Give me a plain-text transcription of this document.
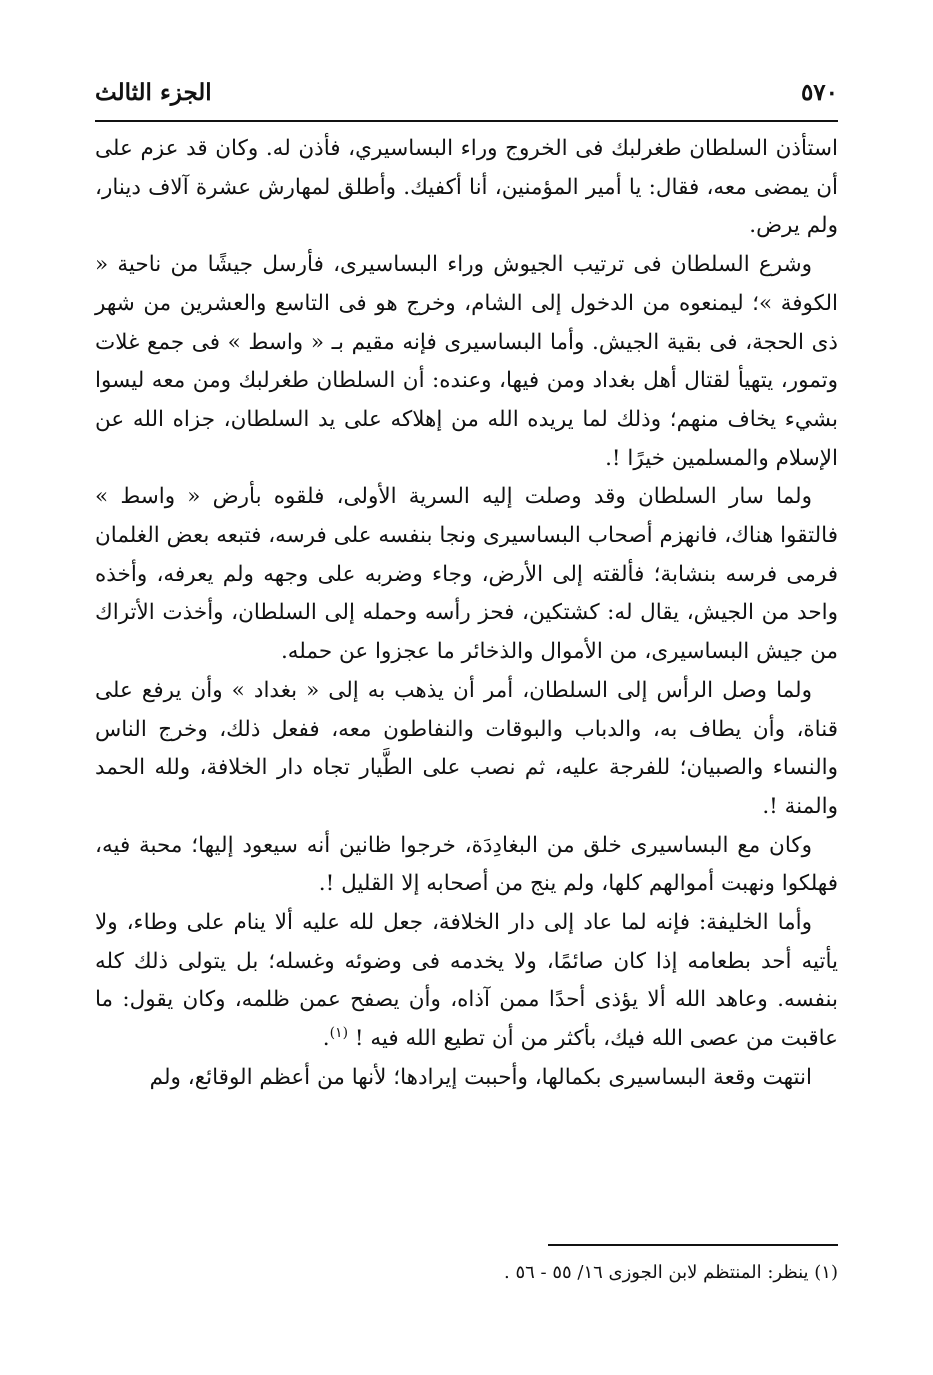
٥٧٠
الجزء الثالث

استأذن السلطان طغرلبك فى الخروج وراء البساسيري، فأذن له. وكان قد عزم على أن يمضى معه، فقال: يا أمير المؤمنين، أنا أكفيك. وأطلق لمهارش عشرة آلاف دينار، ولم يرض.

وشرع السلطان فى ترتيب الجيوش وراء البساسيرى، فأرسل جيشًا من ناحية « الكوفة »؛ ليمنعوه من الدخول إلى الشام، وخرج هو فى التاسع والعشرين من شهر ذى الحجة، فى بقية الجيش. وأما البساسيرى فإنه مقيم بـ « واسط » فى جمع غلات وتمور، يتهيأ لقتال أهل بغداد ومن فيها، وعنده: أن السلطان طغرلبك ومن معه ليسوا بشيء يخاف منهم؛ وذلك لما يريده الله من إهلاكه على يد السلطان، جزاه الله عن الإسلام والمسلمين خيرًا !.

ولما سار السلطان وقد وصلت إليه السرية الأولى، فلقوه بأرض « واسط » فالتقوا هناك، فانهزم أصحاب البساسيرى ونجا بنفسه على فرسه، فتبعه بعض الغلمان فرمى فرسه بنشابة؛ فألقته إلى الأرض، وجاء وضربه على وجهه ولم يعرفه، وأخذه واحد من الجيش، يقال له: كشتكين، فحز رأسه وحمله إلى السلطان، وأخذت الأتراك من جيش البساسيرى، من الأموال والذخائر ما عجزوا عن حمله.

ولما وصل الرأس إلى السلطان، أمر أن يذهب به إلى « بغداد » وأن يرفع على قناة، وأن يطاف به، والدباب والبوقات والنفاطون معه، ففعل ذلك، وخرج الناس والنساء والصبيان؛ للفرجة عليه، ثم نصب على الطَّيار تجاه دار الخلافة، ولله الحمد والمنة !.

وكان مع البساسيرى خلق من البغادِدَة، خرجوا ظانين أنه سيعود إليها؛ محبة فيه، فهلكوا ونهبت أموالهم كلها، ولم ينج من أصحابه إلا القليل !.

وأما الخليفة: فإنه لما عاد إلى دار الخلافة، جعل لله عليه ألا ينام على وطاء، ولا يأتيه أحد بطعامه إذا كان صائمًا، ولا يخدمه فى وضوئه وغسله؛ بل يتولى ذلك كله بنفسه. وعاهد الله ألا يؤذى أحدًا ممن آذاه، وأن يصفح عمن ظلمه، وكان يقول: ما عاقبت من عصى الله فيك، بأكثر من أن تطيع الله فيه ! $^{(١)}$.

انتهت وقعة البساسيرى بكمالها، وأحببت إيرادها؛ لأنها من أعظم الوقائع، ولم

(١) ينظر: المنتظم لابن الجوزى ١٦/ ٥٥ - ٥٦ .
